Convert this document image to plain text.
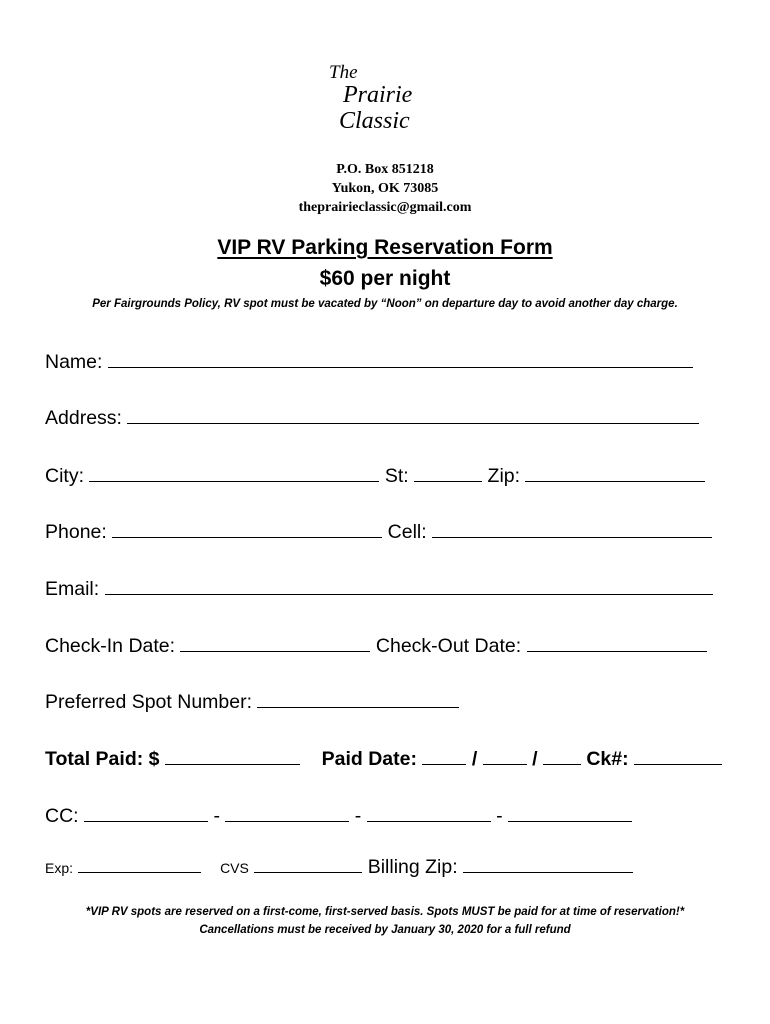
The
Prairie
Classic
P.O. Box 851218
Yukon, OK 73085
theprairieclassic@gmail.com
VIP RV Parking Reservation Form
$60 per night
Per Fairgrounds Policy, RV spot must be vacated by “Noon” on departure day to avoid another day charge.
Name:
Address:
City:	St:	Zip:
Phone:	Cell:
Email:
Check-In Date:	Check-Out Date:
Preferred Spot Number:
Total Paid: $	Paid Date:	/	/	Ck#:
CC:	-	-	-
Exp:	CVS	Billing Zip:
*VIP RV spots are reserved on a first-come, first-served basis. Spots MUST be paid for at time of reservation!*
Cancellations must be received by January 30, 2020 for a full refund
